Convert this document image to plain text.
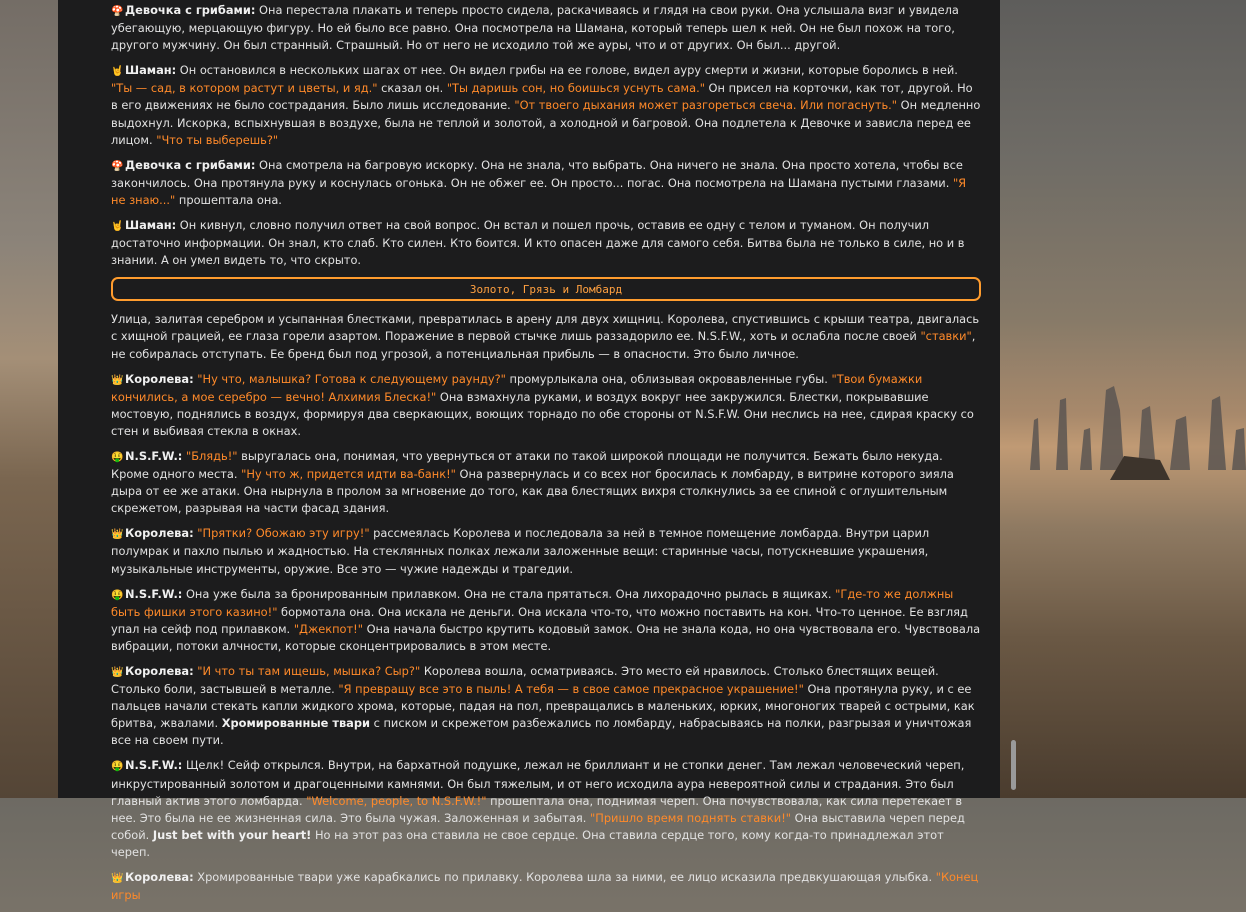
🍄Девочка с грибами: Она перестала плакать и теперь просто сидела, раскачиваясь и глядя на свои руки. Она услышала визг и увидела убегающую, мерцающую фигуру. Но ей было все равно. Она посмотрела на Шамана, который теперь шел к ней. Он не был похож на того, другого мужчину. Он был странный. Страшный. Но от него не исходило той же ауры, что и от других. Он был... другой.
🤘Шаман: Он остановился в нескольких шагах от нее. Он видел грибы на ее голове, видел ауру смерти и жизни, которые боролись в ней. "Ты — сад, в котором растут и цветы, и яд." сказал он. "Ты даришь сон, но боишься уснуть сама." Он присел на корточки, как тот, другой. Но в его движениях не было сострадания. Было лишь исследование. "От твоего дыхания может разгореться свеча. Или погаснуть." Он медленно выдохнул. Искорка, вспыхнувшая в воздухе, была не теплой и золотой, а холодной и багровой. Она подлетела к Девочке и зависла перед ее лицом. "Что ты выберешь?"
🍄Девочка с грибами: Она смотрела на багровую искорку. Она не знала, что выбрать. Она ничего не знала. Она просто хотела, чтобы все закончилось. Она протянула руку и коснулась огонька. Он не обжег ее. Он просто... погас. Она посмотрела на Шамана пустыми глазами. "Я не знаю..." прошептала она.
🤘Шаман: Он кивнул, словно получил ответ на свой вопрос. Он встал и пошел прочь, оставив ее одну с телом и туманом. Он получил достаточно информации. Он знал, кто слаб. Кто силен. Кто боится. И кто опасен даже для самого себя. Битва была не только в силе, но и в знании. А он умел видеть то, что скрыто.
Золото, Грязь и Ломбард
Улица, залитая серебром и усыпанная блестками, превратилась в арену для двух хищниц. Королева, спустившись с крыши театра, двигалась с хищной грацией, ее глаза горели азартом. Поражение в первой стычке лишь раззадорило ее. N.S.F.W., хоть и ослабла после своей "ставки", не собиралась отступать. Ее бренд был под угрозой, а потенциальная прибыль — в опасности. Это было личное.
👑Королева: "Ну что, малышка? Готова к следующему раунду?" промурлыкала она, облизывая окровавленные губы. "Твои бумажки кончились, а мое серебро — вечно! Алхимия Блеска!" Она взмахнула руками, и воздух вокруг нее закружился. Блестки, покрывавшие мостовую, поднялись в воздух, формируя два сверкающих, воющих торнадо по обе стороны от N.S.F.W. Они неслись на нее, сдирая краску со стен и выбивая стекла в окнах.
🤑N.S.F.W.: "Блядь!" выругалась она, понимая, что увернуться от атаки по такой широкой площади не получится. Бежать было некуда. Кроме одного места. "Ну что ж, придется идти ва-банк!" Она развернулась и со всех ног бросилась к ломбарду, в витрине которого зияла дыра от ее же атаки. Она нырнула в пролом за мгновение до того, как два блестящих вихря столкнулись за ее спиной с оглушительным скрежетом, разрывая на части фасад здания.
👑Королева: "Прятки? Обожаю эту игру!" рассмеялась Королева и последовала за ней в темное помещение ломбарда. Внутри царил полумрак и пахло пылью и жадностью. На стеклянных полках лежали заложенные вещи: старинные часы, потускневшие украшения, музыкальные инструменты, оружие. Все это — чужие надежды и трагедии.
🤑N.S.F.W.: Она уже была за бронированным прилавком. Она не стала прятаться. Она лихорадочно рылась в ящиках. "Где-то же должны быть фишки этого казино!" бормотала она. Она искала не деньги. Она искала что-то, что можно поставить на кон. Что-то ценное. Ее взгляд упал на сейф под прилавком. "Джекпот!" Она начала быстро крутить кодовый замок. Она не знала кода, но она чувствовала его. Чувствовала вибрации, потоки алчности, которые сконцентрировались в этом месте.
👑Королева: "И что ты там ищешь, мышка? Сыр?" Королева вошла, осматриваясь. Это место ей нравилось. Столько блестящих вещей. Столько боли, застывшей в металле. "Я превращу все это в пыль! А тебя — в свое самое прекрасное украшение!" Она протянула руку, и с ее пальцев начали стекать капли жидкого хрома, которые, падая на пол, превращались в маленьких, юрких, многоногих тварей с острыми, как бритва, жвалами. Хромированные твари с писком и скрежетом разбежались по ломбарду, набрасываясь на полки, разгрызая и уничтожая все на своем пути.
🤑N.S.F.W.: Щелк! Сейф открылся. Внутри, на бархатной подушке, лежал не бриллиант и не стопки денег. Там лежал человеческий череп, инкрустированный золотом и драгоценными камнями. Он был тяжелым, и от него исходила аура невероятной силы и страдания. Это был главный актив этого ломбарда. "Welcome, people, to N.S.F.W.!" прошептала она, поднимая череп. Она почувствовала, как сила перетекает в нее. Это была не ее жизненная сила. Это была чужая. Заложенная и забытая. "Пришло время поднять ставки!" Она выставила череп перед собой. Just bet with your heart! Но на этот раз она ставила не свое сердце. Она ставила сердце того, кому когда-то принадлежал этот череп.
👑Королева: Хромированные твари уже карабкались по прилавку. Королева шла за ними, ее лицо исказила предвкушающая улыбка. "Конец игры
